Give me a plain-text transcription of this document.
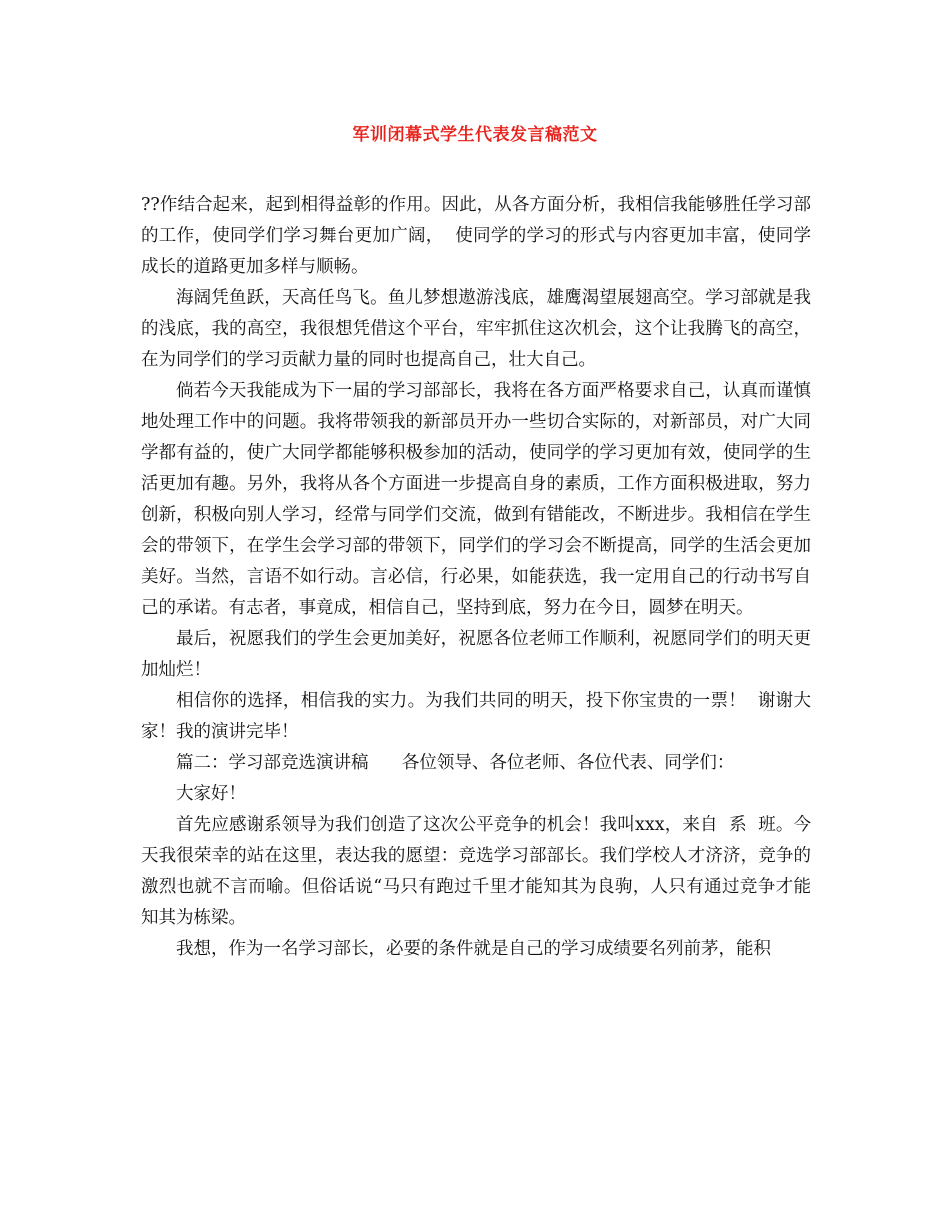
军训闭幕式学生代表发言稿范文

??作结合起来，起到相得益彰的作用。因此，从各方面分析，我相信我能够胜任学习部的工作，使同学们学习舞台更加广阔，  使同学的学习的形式与内容更加丰富，使同学成长的道路更加多样与顺畅。

海阔凭鱼跃，天高任鸟飞。鱼儿梦想遨游浅底，雄鹰渴望展翅高空。学习部就是我的浅底，我的高空，我很想凭借这个平台，牢牢抓住这次机会，这个让我腾飞的高空，在为同学们的学习贡献力量的同时也提高自己，壮大自己。

倘若今天我能成为下一届的学习部部长，我将在各方面严格要求自己，认真而谨慎地处理工作中的问题。我将带领我的新部员开办一些切合实际的，对新部员，对广大同学都有益的，使广大同学都能够积极参加的活动，使同学的学习更加有效，使同学的生活更加有趣。另外，我将从各个方面进一步提高自身的素质，工作方面积极进取，努力创新，积极向别人学习，经常与同学们交流，做到有错能改，不断进步。我相信在学生会的带领下，在学生会学习部的带领下，同学们的学习会不断提高，同学的生活会更加美好。当然，言语不如行动。言必信，行必果，如能获选，我一定用自己的行动书写自己的承诺。有志者，事竟成，相信自己，坚持到底，努力在今日，圆梦在明天。

最后，祝愿我们的学生会更加美好，祝愿各位老师工作顺利，祝愿同学们的明天更加灿烂！

相信你的选择，相信我的实力。为我们共同的明天，投下你宝贵的一票！  谢谢大家！我的演讲完毕！

篇二：学习部竞选演讲稿      各位领导、各位老师、各位代表、同学们：

大家好！

首先应感谢系领导为我们创造了这次公平竞争的机会！我叫xxx，来自  系  班。今天我很荣幸的站在这里，表达我的愿望：竞选学习部部长。我们学校人才济济，竞争的激烈也就不言而喻。但俗话说“马只有跑过千里才能知其为良驹，人只有通过竞争才能知其为栋梁。

我想，作为一名学习部长，必要的条件就是自己的学习成绩要名列前茅，能积
